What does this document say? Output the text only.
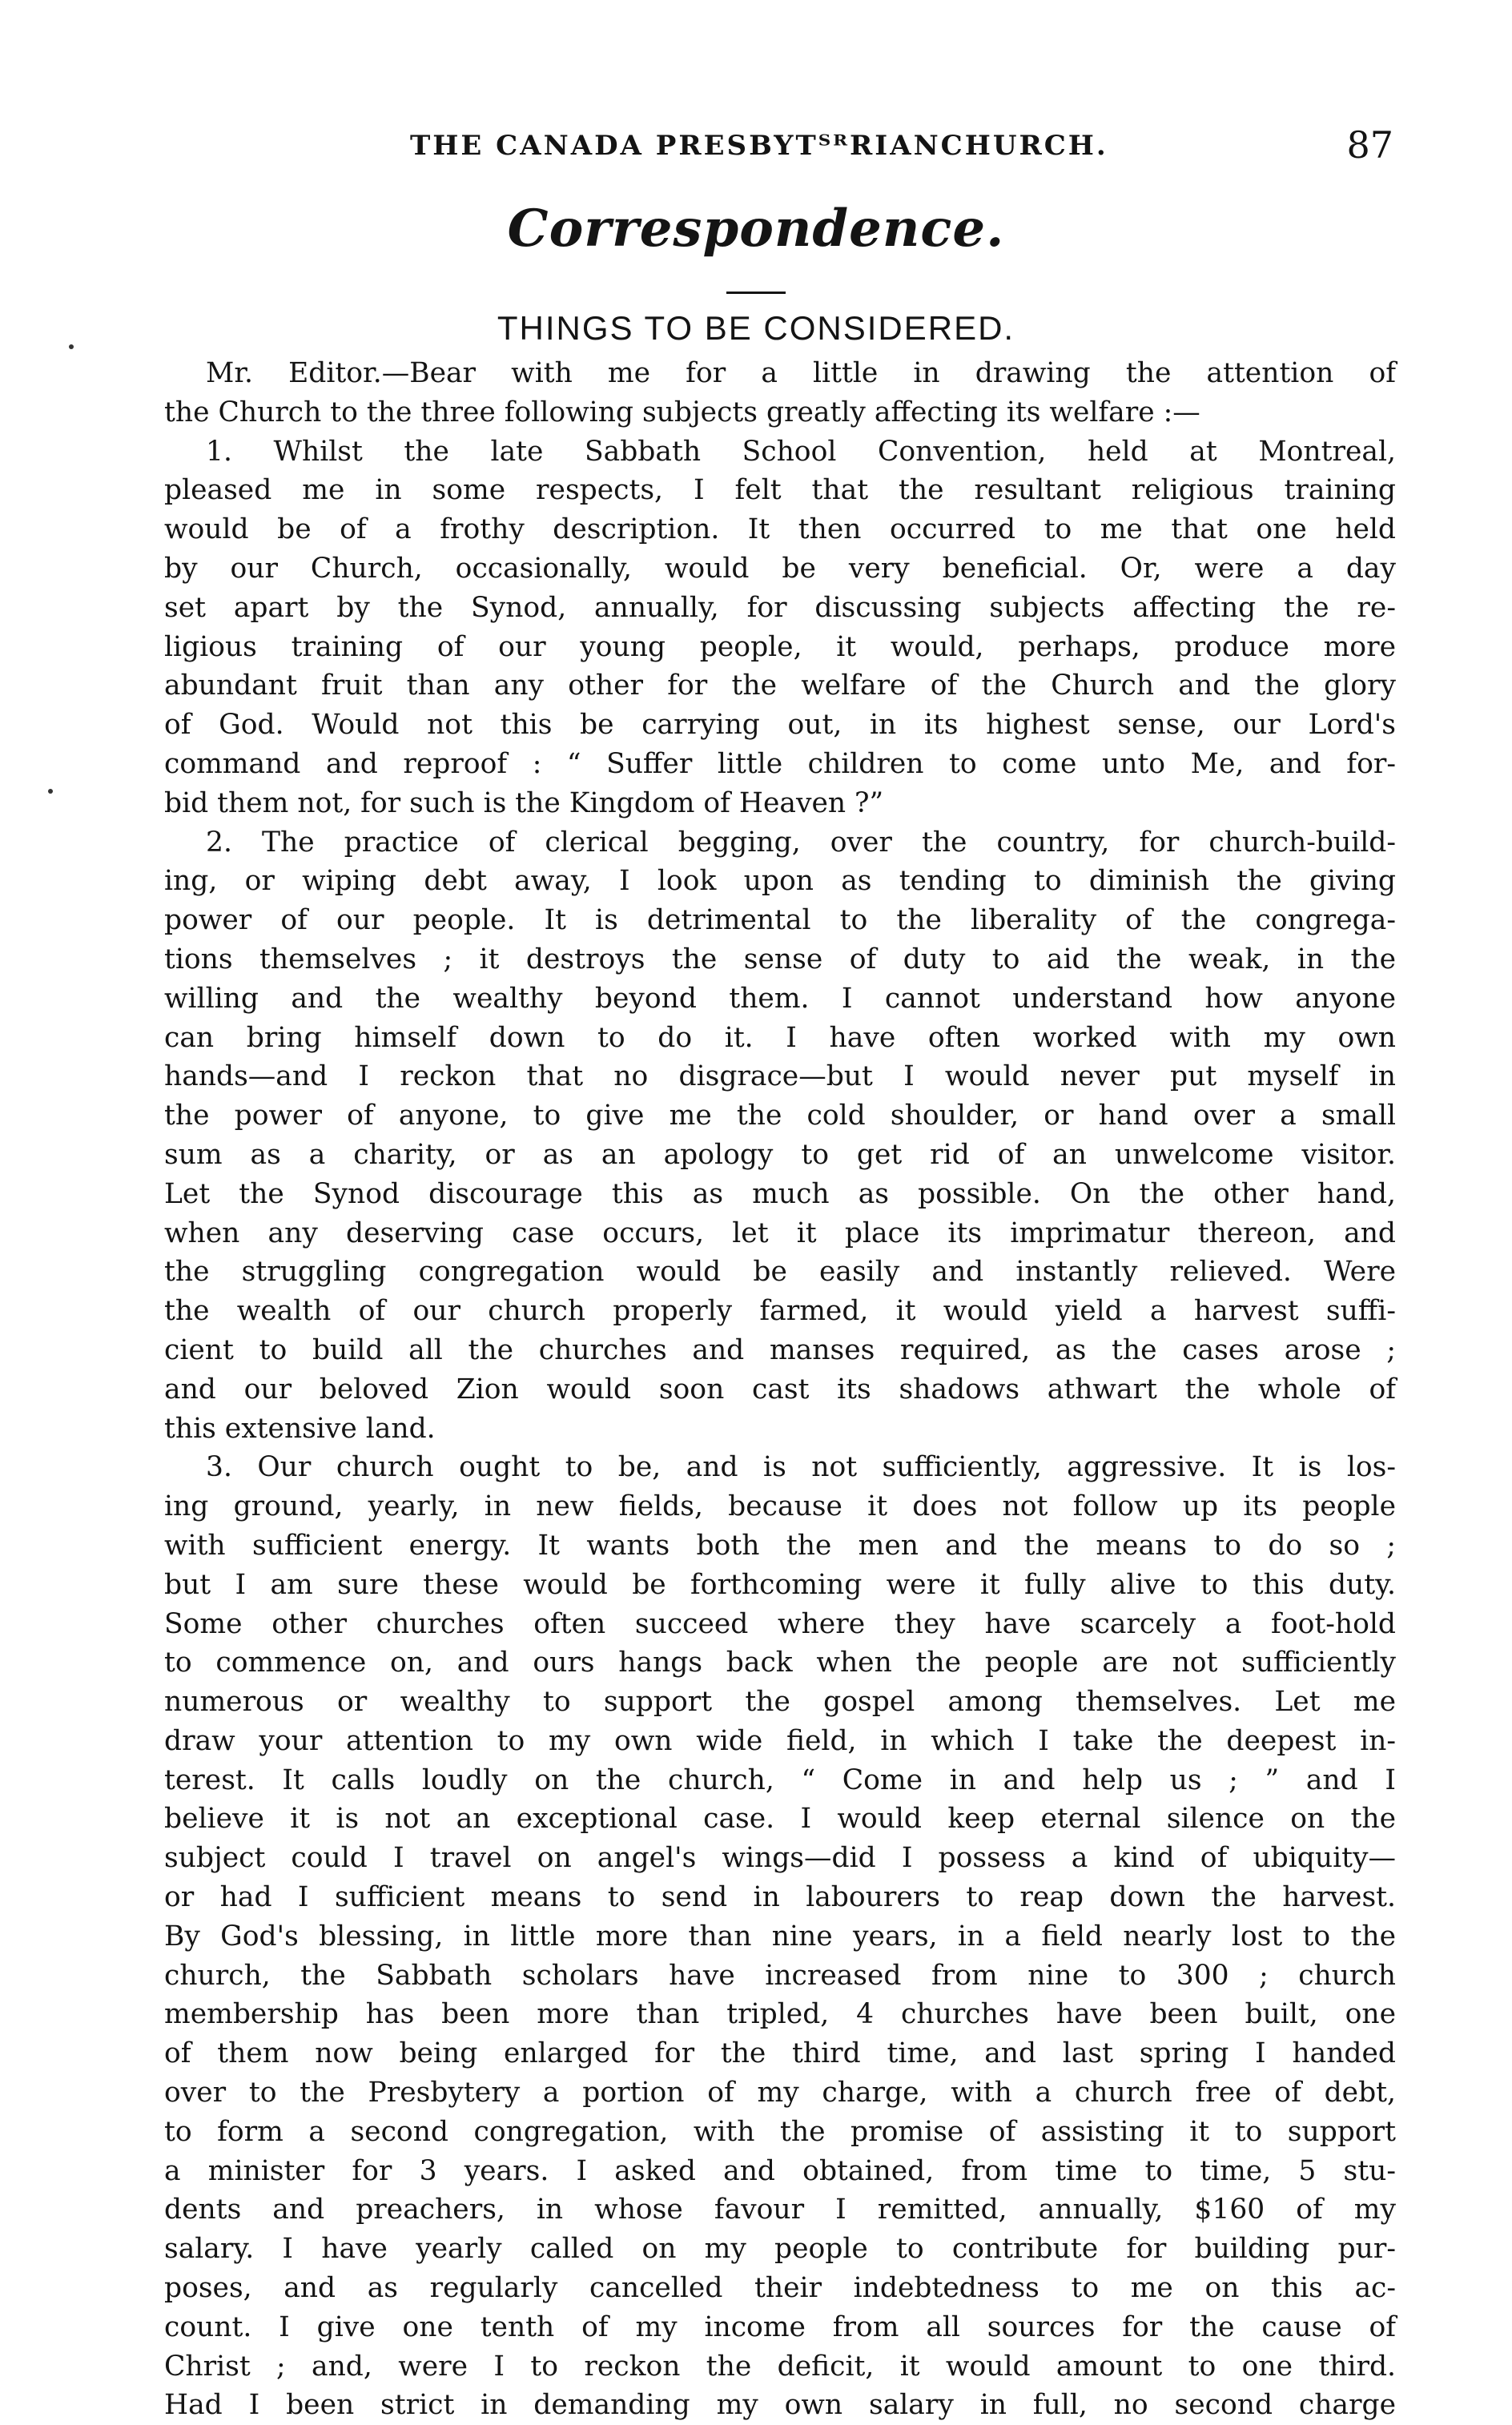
THE CANADA PRESBYTᵀᴿRIANCHURCH.	87
Correspondence.
THINGS TO BE CONSIDERED.
Mr. Editor.—Bear with me for a little in drawing the attention of
the Church to the three following subjects greatly affecting its welfare :—
1. Whilst the late Sabbath School Convention, held at Montreal,
pleased me in some respects, I felt that the resultant religious training
would be of a frothy description. It then occurred to me that one held
by our Church, occasionally, would be very beneficial. Or, were a day
set apart by the Synod, annually, for discussing subjects affecting the re-
ligious training of our young people, it would, perhaps, produce more
abundant fruit than any other for the welfare of the Church and the glory
of God. Would not this be carrying out, in its highest sense, our Lord's
command and reproof : “ Suffer little children to come unto Me, and for-
bid them not, for such is the Kingdom of Heaven ?”
2. The practice of clerical begging, over the country, for church-build-
ing, or wiping debt away, I look upon as tending to diminish the giving
power of our people. It is detrimental to the liberality of the congrega-
tions themselves ; it destroys the sense of duty to aid the weak, in the
willing and the wealthy beyond them. I cannot understand how anyone
can bring himself down to do it. I have often worked with my own
hands—and I reckon that no disgrace—but I would never put myself in
the power of anyone, to give me the cold shoulder, or hand over a small
sum as a charity, or as an apology to get rid of an unwelcome visitor.
Let the Synod discourage this as much as possible. On the other hand,
when any deserving case occurs, let it place its imprimatur thereon, and
the struggling congregation would be easily and instantly relieved. Were
the wealth of our church properly farmed, it would yield a harvest suffi-
cient to build all the churches and manses required, as the cases arose ;
and our beloved Zion would soon cast its shadows athwart the whole of
this extensive land.
3. Our church ought to be, and is not sufficiently, aggressive. It is los-
ing ground, yearly, in new fields, because it does not follow up its people
with sufficient energy. It wants both the men and the means to do so ;
but I am sure these would be forthcoming were it fully alive to this duty.
Some other churches often succeed where they have scarcely a foot-hold
to commence on, and ours hangs back when the people are not sufficiently
numerous or wealthy to support the gospel among themselves. Let me
draw your attention to my own wide field, in which I take the deepest in-
terest. It calls loudly on the church, “ Come in and help us ; ” and I
believe it is not an exceptional case. I would keep eternal silence on the
subject could I travel on angel's wings—did I possess a kind of ubiquity—
or had I sufficient means to send in labourers to reap down the harvest.
By God's blessing, in little more than nine years, in a field nearly lost to the
church, the Sabbath scholars have increased from nine to 300 ; church
membership has been more than tripled, 4 churches have been built, one
of them now being enlarged for the third time, and last spring I handed
over to the Presbytery a portion of my charge, with a church free of debt,
to form a second congregation, with the promise of assisting it to support
a minister for 3 years. I asked and obtained, from time to time, 5 stu-
dents and preachers, in whose favour I remitted, annually, $160 of my
salary. I have yearly called on my people to contribute for building pur-
poses, and as regularly cancelled their indebtedness to me on this ac-
count. I give one tenth of my income from all sources for the cause of
Christ ; and, were I to reckon the deficit, it would amount to one third.
Had I been strict in demanding my own salary in full, no second charge
